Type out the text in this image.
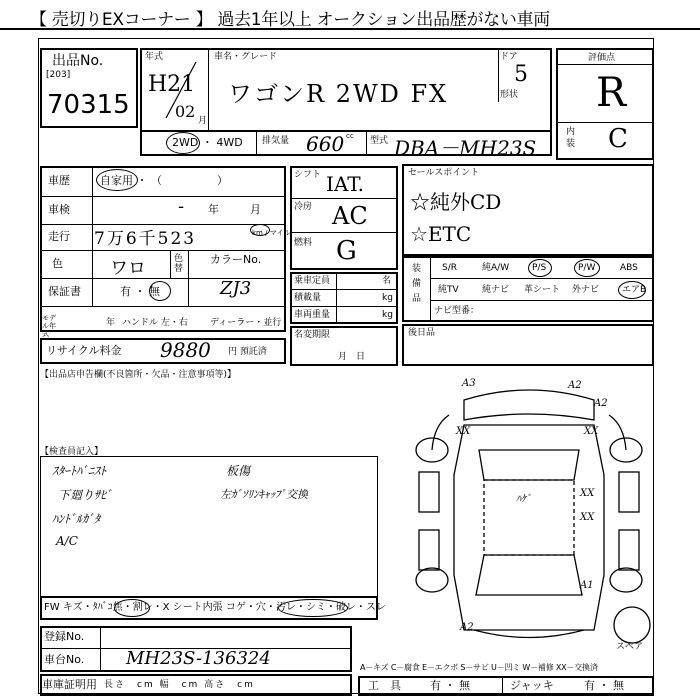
【 売切りEXコーナー 】 過去1年以上 オークション出品歴がない車両
出品No.
[203]
70315
年式
H21
02 月
車名・グレード
ワゴンR 2WD FX
ドア
5
形状
2WD ・ 4WD 排気量 660 cc 型式 DBA－MH23S
評価点
R
内装 C
車歴	自家用 ・ （　　　　　）
車検	- 年	月
走行 7万6千523	km / マイル
色	ワロ	色替
カラーNo.
ZJ3
保証書	有 ・ 無
モデル年式
年 ハンドル 左・右 ディーラー・並行
リサイクル料金 9880 円 預託済
シフト IAT.
冷房 AC
燃料 G
乗車定員	名
積載量	kg
車両重量	kg
名変期限
月　日
セールスポイント
☆純外CD
☆ETC
装備品
S/R	純A/W	P/S	P/W	ABS
純TV	純ナビ 革シート 外ナビ	エアB
ナビ型番：
後日品
【出品店申告欄(不良箇所・欠品・注意事項等)】
【検査員記入】
ｽﾀｰﾄﾊﾞﾆｽﾄ
下廻りｻﾋﾞ
ﾊﾝﾄﾞﾙｶﾞﾀ
A/C
板傷
左ｶﾞｿﾘﾝｷｬｯﾌﾟ交換
FW キズ・ﾀﾊﾞｺ焦・割レ・X シート内張 コゲ・穴・汚レ・シミ・破レ・スレ
登録No.
車台No. MH23S-136324
車庫証明用 長さ　cm 幅　cm 高さ　cm
A3	A2
A2
XX	XX
ﾊｹﾞ
XX
XX
A1
A2
スペア
A－キズ C－腐食 E－エクボ S－サビ U－凹ミ W－補修 XX－交換済
工　具	有 ・ 無	ジャッキ	有 ・ 無
